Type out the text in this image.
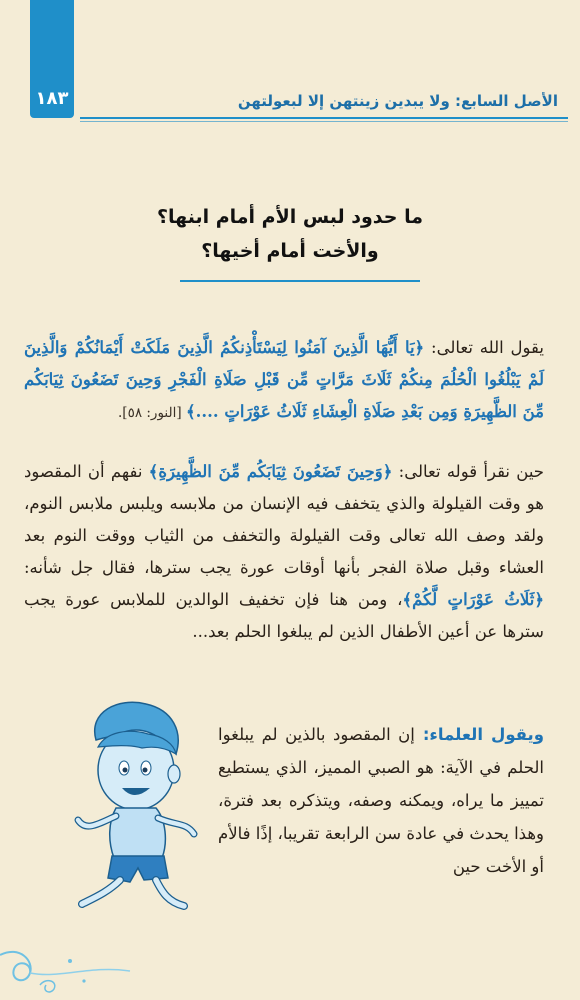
١٨٣	الأصل السابع: ولا يبدين زينتهن إلا لبعولتهن
ما حدود لبس الأم أمام ابنها؟
والأخت أمام أخيها؟
يقول الله تعالى: ﴿يَا أَيُّهَا الَّذِينَ آمَنُوا لِيَسْتَأْذِنكُمُ الَّذِينَ مَلَكَتْ أَيْمَانُكُمْ وَالَّذِينَ لَمْ يَبْلُغُوا الْحُلُمَ مِنكُمْ ثَلَاثَ مَرَّاتٍ مِّن قَبْلِ صَلَاةِ الْفَجْرِ وَحِينَ تَضَعُونَ ثِيَابَكُم مِّنَ الظَّهِيرَةِ وَمِن بَعْدِ صَلَاةِ الْعِشَاءِ ثَلَاثُ عَوْرَاتٍ ....﴾ [النور: ٥٨].
حين نقرأ قوله تعالى: ﴿وَحِينَ تَضَعُونَ ثِيَابَكُم مِّنَ الظَّهِيرَةِ﴾ نفهم أن المقصود هو وقت القيلولة والذي يتخفف فيه الإنسان من ملابسه ويلبس ملابس النوم، ولقد وصف الله تعالى وقت القيلولة والتخفف من الثياب ووقت النوم بعد العشاء وقبل صلاة الفجر بأنها أوقات عورة يجب سترها، فقال جل شأنه: ﴿ثَلَاثُ عَوْرَاتٍ لَّكُمْ﴾، ومن هنا فإن تخفيف الوالدين للملابس عورة يجب سترها عن أعين الأطفال الذين لم يبلغوا الحلم بعد...
ويقول العلماء: إن المقصود بالذين لم يبلغوا الحلم في الآية: هو الصبي المميز، الذي يستطيع تمييز ما يراه، ويمكنه وصفه، ويتذكره بعد فترة، وهذا يحدث في عادة سن الرابعة تقريبا، إذًا فالأم أو الأخت حين
